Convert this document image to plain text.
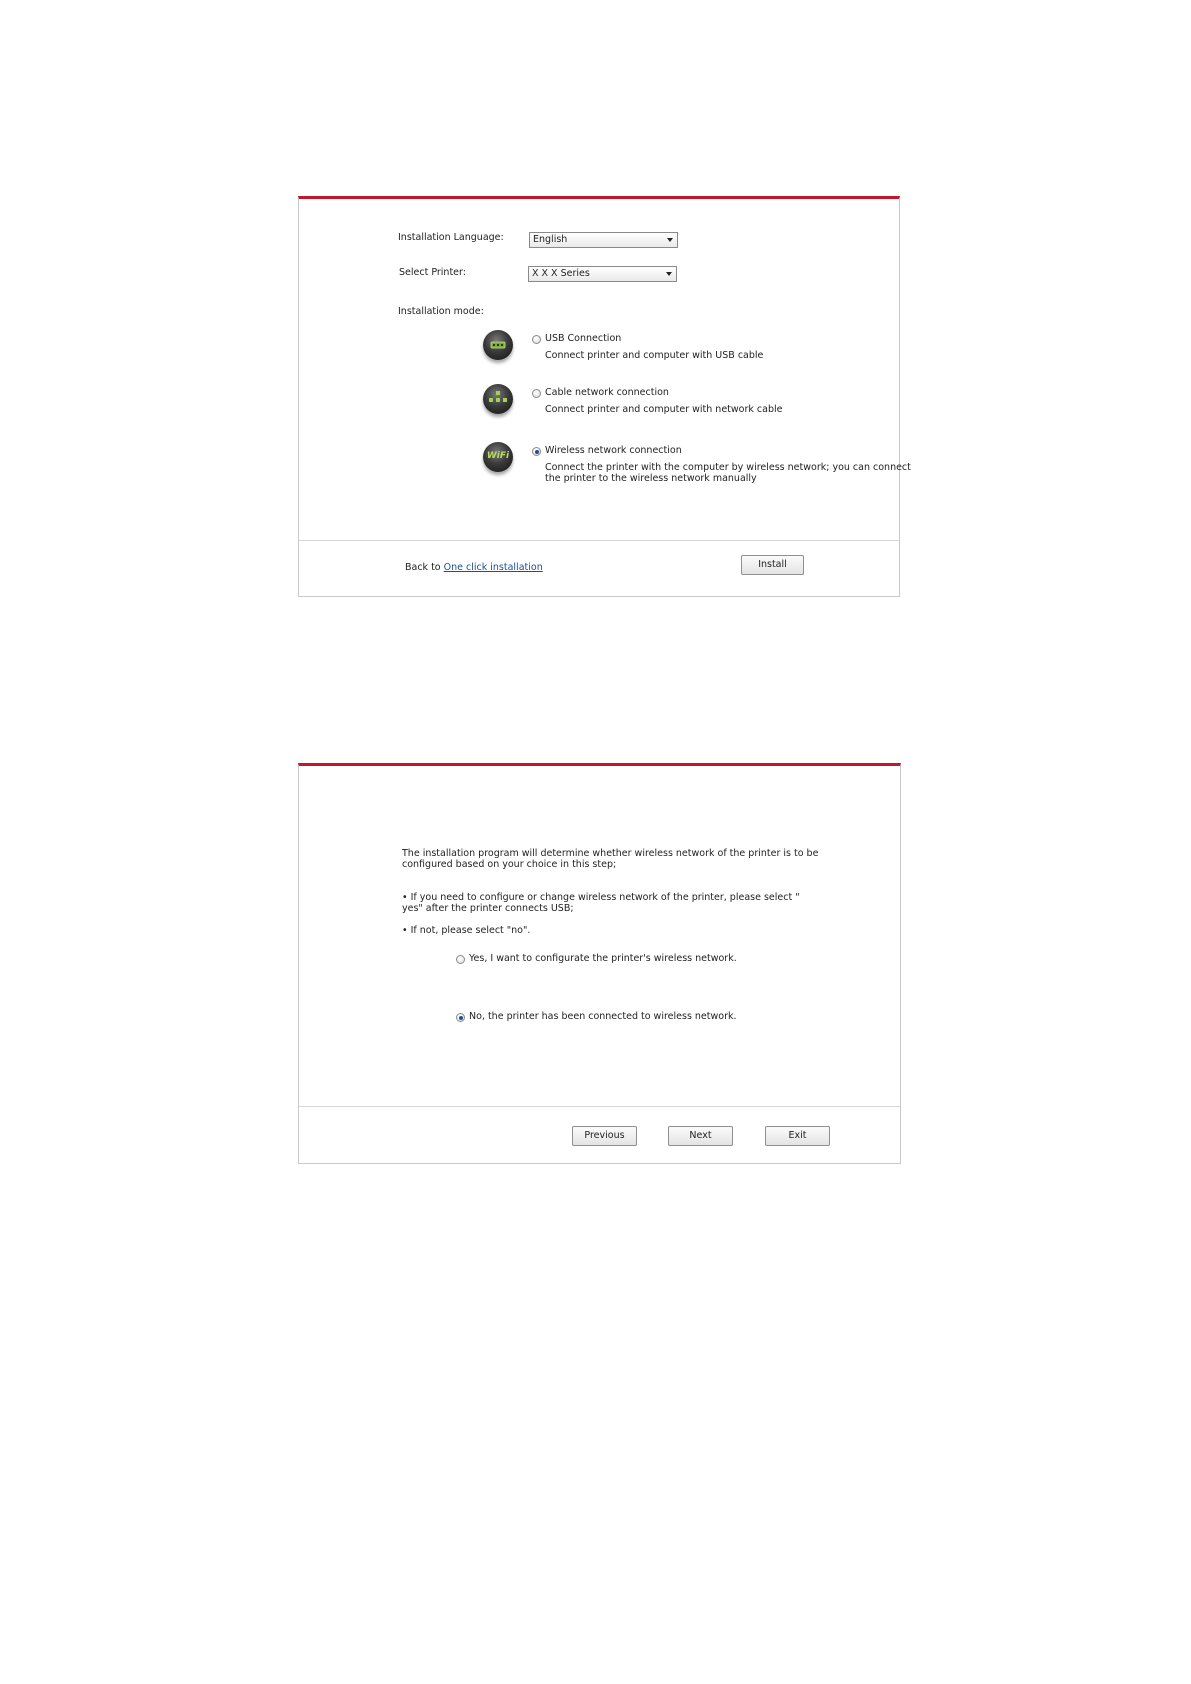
Installation Language:	English
Select Printer:	X X X Series
Installation mode:
USB Connection
Connect printer and computer with USB cable
Cable network connection
Connect printer and computer with network cable
WiFi	Wireless network connection
Connect the printer with the computer by wireless network; you can connect
the printer to the wireless network manually
Back to One click installation	Install
The installation program will determine whether wireless network of the printer is to be
configured based on your choice in this step;
• If you need to configure or change wireless network of the printer, please select "
yes" after the printer connects USB;
• If not, please select "no".
Yes, I want to configurate the printer's wireless network.
No, the printer has been connected to wireless network.
Previous	Next	Exit
